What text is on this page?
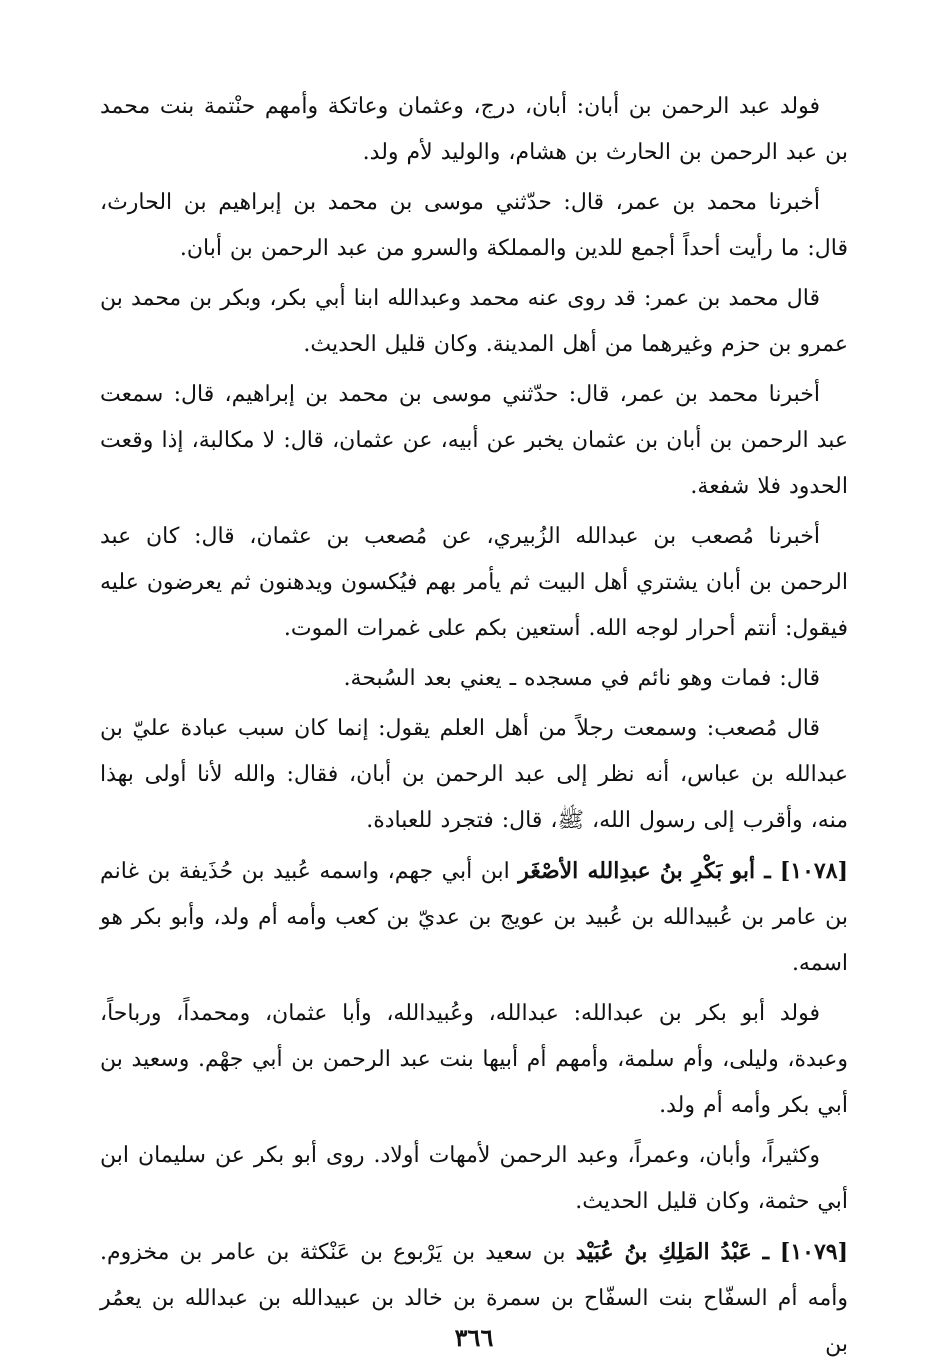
فولد عبد الرحمن بن أبان: أبان، درج، وعثمان وعاتكة وأمهم حنْتمة بنت محمد بن عبد الرحمن بن الحارث بن هشام، والوليد لأم ولد.

أخبرنا محمد بن عمر، قال: حدّثني موسى بن محمد بن إبراهيم بن الحارث، قال: ما رأيت أحداً أجمع للدين والمملكة والسرو من عبد الرحمن بن أبان.

قال محمد بن عمر: قد روى عنه محمد وعبدالله ابنا أبي بكر، وبكر بن محمد بن عمرو بن حزم وغيرهما من أهل المدينة. وكان قليل الحديث.

أخبرنا محمد بن عمر، قال: حدّثني موسى بن محمد بن إبراهيم، قال: سمعت عبد الرحمن بن أبان بن عثمان يخبر عن أبيه، عن عثمان، قال: لا مكالبة، إذا وقعت الحدود فلا شفعة.

أخبرنا مُصعب بن عبدالله الزُبيري، عن مُصعب بن عثمان، قال: كان عبد الرحمن بن أبان يشتري أهل البيت ثم يأمر بهم فيُكسون ويدهنون ثم يعرضون عليه فيقول: أنتم أحرار لوجه الله. أستعين بكم على غمرات الموت.

قال: فمات وهو نائم في مسجده ـ يعني بعد السُبحة.

قال مُصعب: وسمعت رجلاً من أهل العلم يقول: إنما كان سبب عبادة عليّ بن عبدالله بن عباس، أنه نظر إلى عبد الرحمن بن أبان، فقال: والله لأنا أولى بهذا منه، وأقرب إلى رسول الله، ﷺ، قال: فتجرد للعبادة.

[١٠٧٨] ـ أبو بَكْرِ بنُ عبدِالله الأصْغَر ابن أبي جهم، واسمه عُبيد بن حُذَيفة بن غانم بن عامر بن عُبيدالله بن عُبيد بن عويج بن عديّ بن كعب وأمه أم ولد، وأبو بكر هو اسمه.

فولد أبو بكر بن عبدالله: عبدالله، وعُبيدالله، وأبا عثمان، ومحمداً، ورباحاً، وعبدة، وليلى، وأم سلمة، وأمهم أم أبيها بنت عبد الرحمن بن أبي جهْم. وسعيد بن أبي بكر وأمه أم ولد.

وكثيراً، وأبان، وعمراً، وعبد الرحمن لأمهات أولاد. روى أبو بكر عن سليمان ابن أبي حثمة، وكان قليل الحديث.

[١٠٧٩] ـ عَبْدُ المَلِكِ بنُ عُبَيْد بن سعيد بن يَرْبوع بن عَنْكثة بن عامر بن مخزوم. وأمه أم السفّاح بنت السفّاح بن سمرة بن خالد بن عبيدالله بن عبدالله بن يعمُر بن

٣٦٦
